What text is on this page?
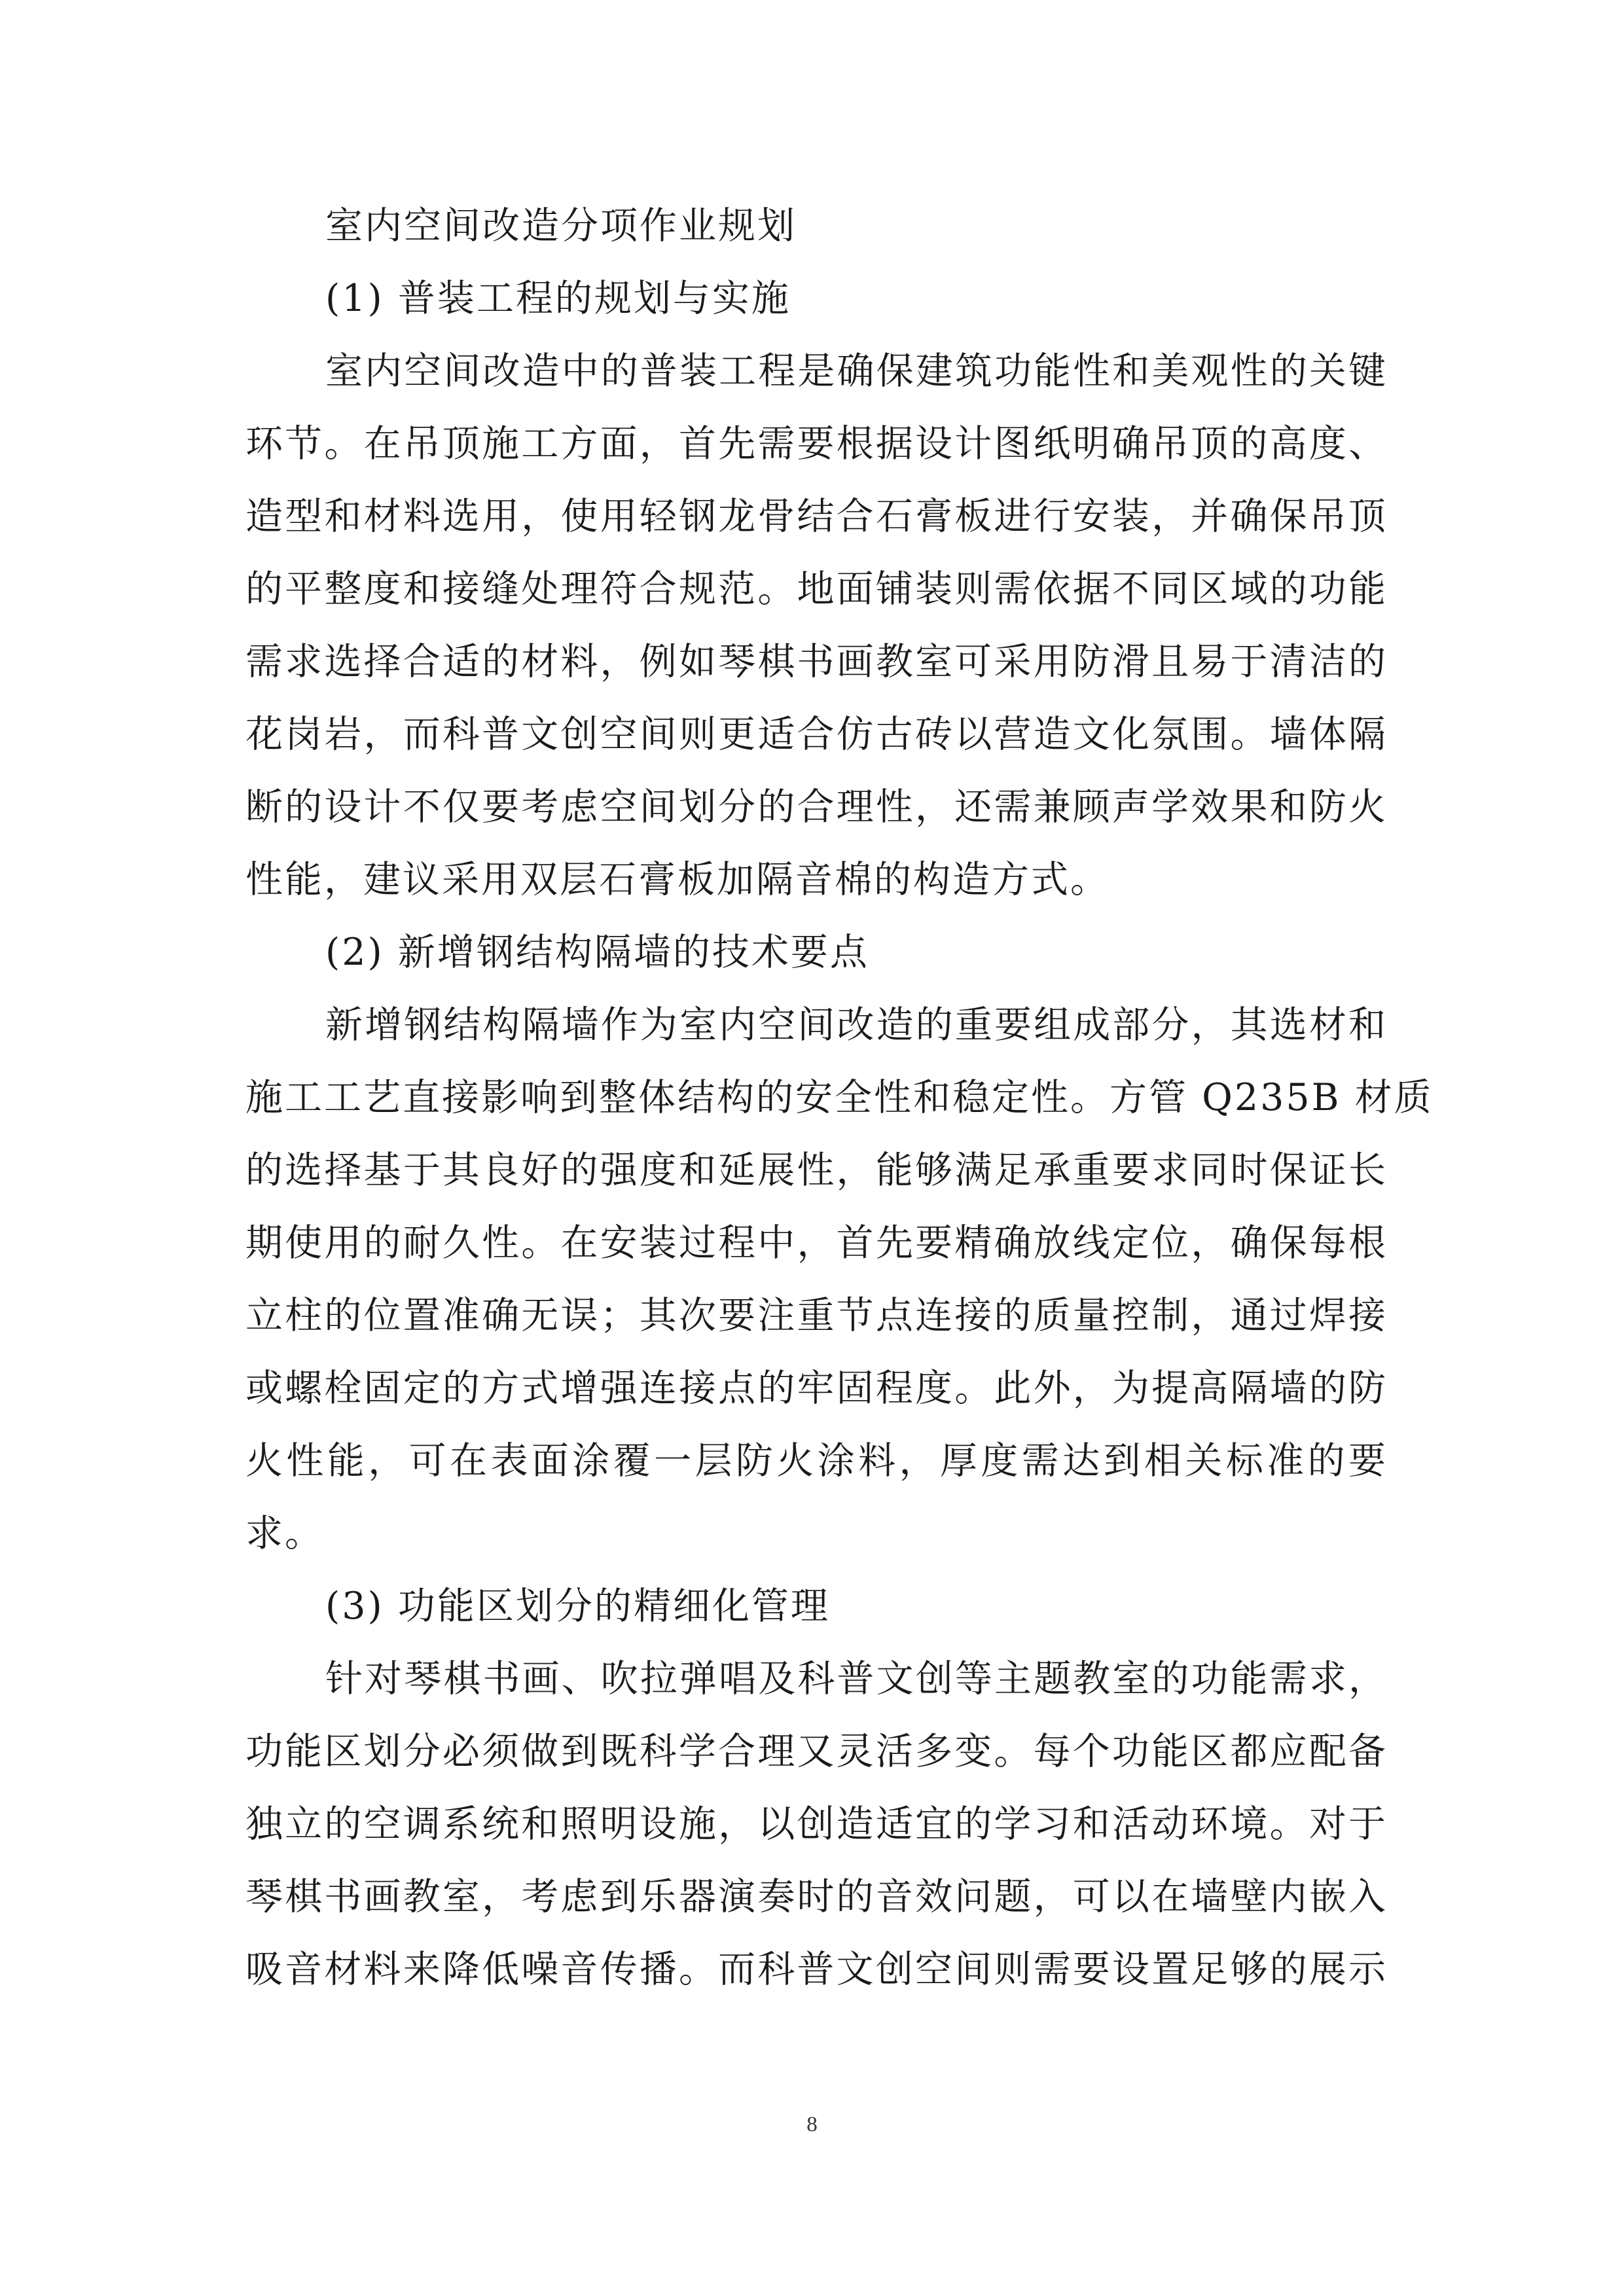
室内空间改造分项作业规划
(1) 普装工程的规划与实施
室内空间改造中的普装工程是确保建筑功能性和美观性的关键
环节。在吊顶施工方面，首先需要根据设计图纸明确吊顶的高度、
造型和材料选用，使用轻钢龙骨结合石膏板进行安装，并确保吊顶
的平整度和接缝处理符合规范。地面铺装则需依据不同区域的功能
需求选择合适的材料，例如琴棋书画教室可采用防滑且易于清洁的
花岗岩，而科普文创空间则更适合仿古砖以营造文化氛围。墙体隔
断的设计不仅要考虑空间划分的合理性，还需兼顾声学效果和防火
性能，建议采用双层石膏板加隔音棉的构造方式。
(2) 新增钢结构隔墙的技术要点
新增钢结构隔墙作为室内空间改造的重要组成部分，其选材和
施工工艺直接影响到整体结构的安全性和稳定性。方管 Q235B 材质
的选择基于其良好的强度和延展性，能够满足承重要求同时保证长
期使用的耐久性。在安装过程中，首先要精确放线定位，确保每根
立柱的位置准确无误；其次要注重节点连接的质量控制，通过焊接
或螺栓固定的方式增强连接点的牢固程度。此外，为提高隔墙的防
火性能，可在表面涂覆一层防火涂料，厚度需达到相关标准的要
求。
(3) 功能区划分的精细化管理
针对琴棋书画、吹拉弹唱及科普文创等主题教室的功能需求，
功能区划分必须做到既科学合理又灵活多变。每个功能区都应配备
独立的空调系统和照明设施，以创造适宜的学习和活动环境。对于
琴棋书画教室，考虑到乐器演奏时的音效问题，可以在墙壁内嵌入
吸音材料来降低噪音传播。而科普文创空间则需要设置足够的展示
8
